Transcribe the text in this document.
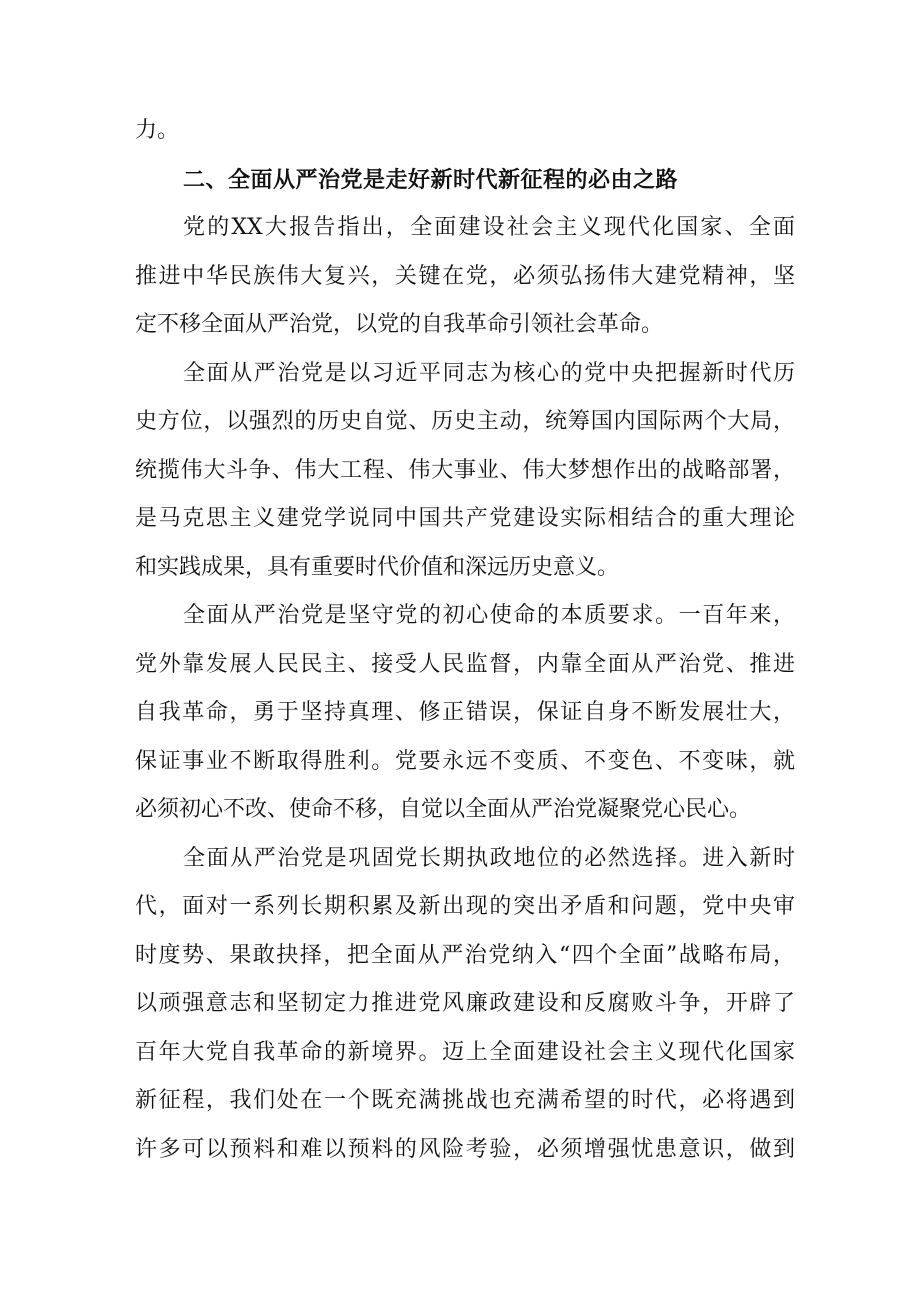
力。
二、全面从严治党是走好新时代新征程的必由之路
党的XX大报告指出，全面建设社会主义现代化国家、全面
推进中华民族伟大复兴，关键在党，必须弘扬伟大建党精神，坚
定不移全面从严治党，以党的自我革命引领社会革命。
全面从严治党是以习近平同志为核心的党中央把握新时代历
史方位，以强烈的历史自觉、历史主动，统筹国内国际两个大局，
统揽伟大斗争、伟大工程、伟大事业、伟大梦想作出的战略部署，
是马克思主义建党学说同中国共产党建设实际相结合的重大理论
和实践成果，具有重要时代价值和深远历史意义。
全面从严治党是坚守党的初心使命的本质要求。一百年来，
党外靠发展人民民主、接受人民监督，内靠全面从严治党、推进
自我革命，勇于坚持真理、修正错误，保证自身不断发展壮大，
保证事业不断取得胜利。党要永远不变质、不变色、不变味，就
必须初心不改、使命不移，自觉以全面从严治党凝聚党心民心。
全面从严治党是巩固党长期执政地位的必然选择。进入新时
代，面对一系列长期积累及新出现的突出矛盾和问题，党中央审
时度势、果敢抉择，把全面从严治党纳入“四个全面”战略布局，
以顽强意志和坚韧定力推进党风廉政建设和反腐败斗争，开辟了
百年大党自我革命的新境界。迈上全面建设社会主义现代化国家
新征程，我们处在一个既充满挑战也充满希望的时代，必将遇到
许多可以预料和难以预料的风险考验，必须增强忧患意识，做到
